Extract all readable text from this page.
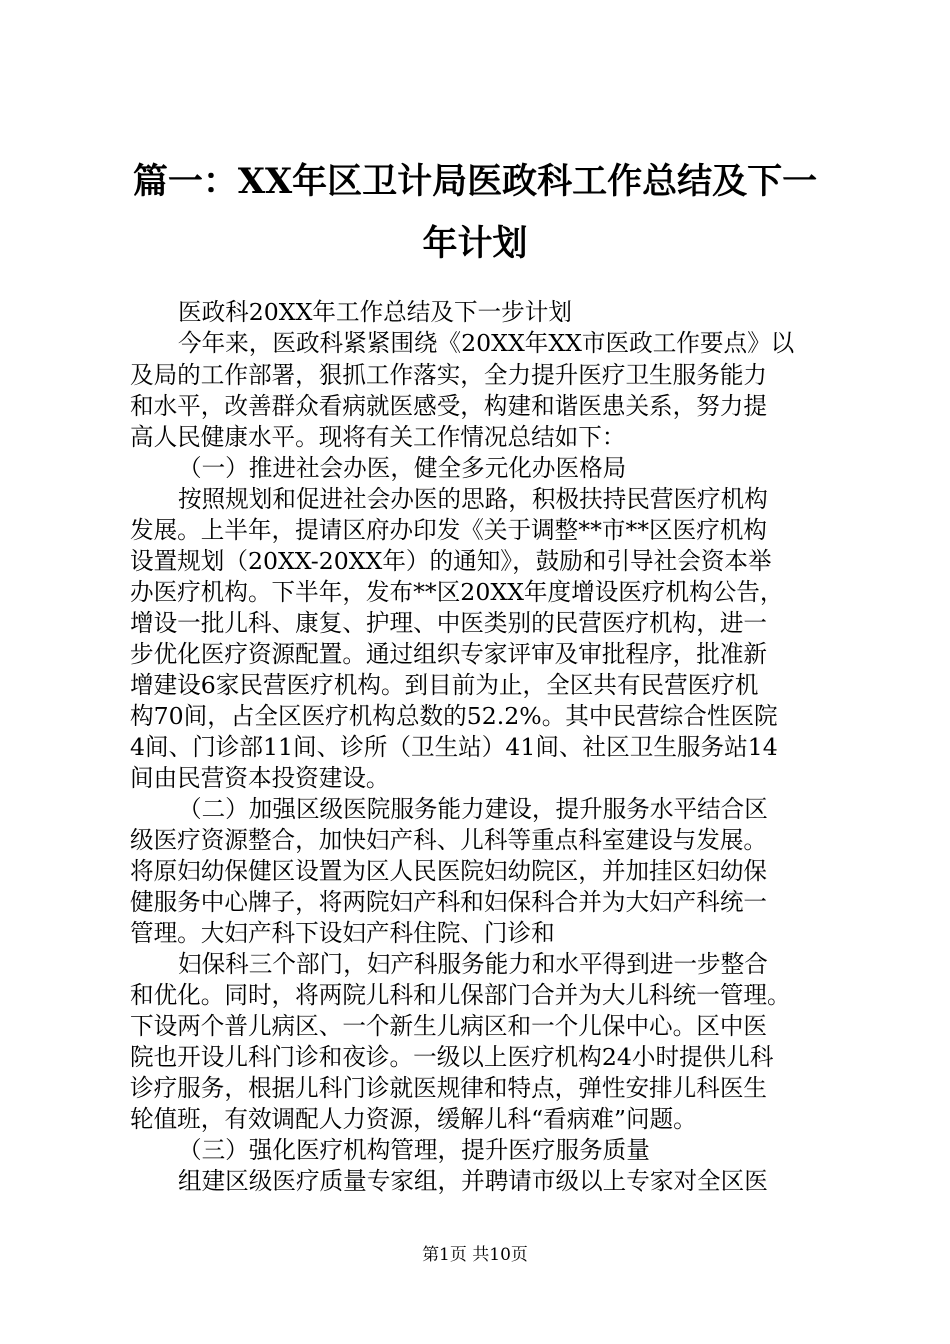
篇一：XX年区卫计局医政科工作总结及下一
年计划

医政科20XX年工作总结及下一步计划

今年来，医政科紧紧围绕《20XX年XX市医政工作要点》以

及局的工作部署，狠抓工作落实，全力提升医疗卫生服务能力

和水平，改善群众看病就医感受，构建和谐医患关系，努力提

高人民健康水平。现将有关工作情况总结如下：

（一）推进社会办医，健全多元化办医格局

按照规划和促进社会办医的思路，积极扶持民营医疗机构

发展。上半年，提请区府办印发《关于调整**市**区医疗机构

设置规划（20XX-20XX年）的通知》，鼓励和引导社会资本举

办医疗机构。下半年，发布**区20XX年度增设医疗机构公告，

增设一批儿科、康复、护理、中医类别的民营医疗机构，进一

步优化医疗资源配置。通过组织专家评审及审批程序，批准新

增建设6家民营医疗机构。到目前为止，全区共有民营医疗机

构70间，占全区医疗机构总数的52.2%。其中民营综合性医院

4间、门诊部11间、诊所（卫生站）41间、社区卫生服务站14

间由民营资本投资建设。

（二）加强区级医院服务能力建设，提升服务水平结合区

级医疗资源整合，加快妇产科、儿科等重点科室建设与发展。

将原妇幼保健区设置为区人民医院妇幼院区，并加挂区妇幼保

健服务中心牌子，将两院妇产科和妇保科合并为大妇产科统一

管理。大妇产科下设妇产科住院、门诊和

妇保科三个部门，妇产科服务能力和水平得到进一步整合

和优化。同时，将两院儿科和儿保部门合并为大儿科统一管理。

下设两个普儿病区、一个新生儿病区和一个儿保中心。区中医

院也开设儿科门诊和夜诊。一级以上医疗机构24小时提供儿科

诊疗服务，根据儿科门诊就医规律和特点，弹性安排儿科医生

轮值班，有效调配人力资源，缓解儿科“看病难”问题。

（三）强化医疗机构管理，提升医疗服务质量

组建区级医疗质量专家组，并聘请市级以上专家对全区医

第1页 共10页
